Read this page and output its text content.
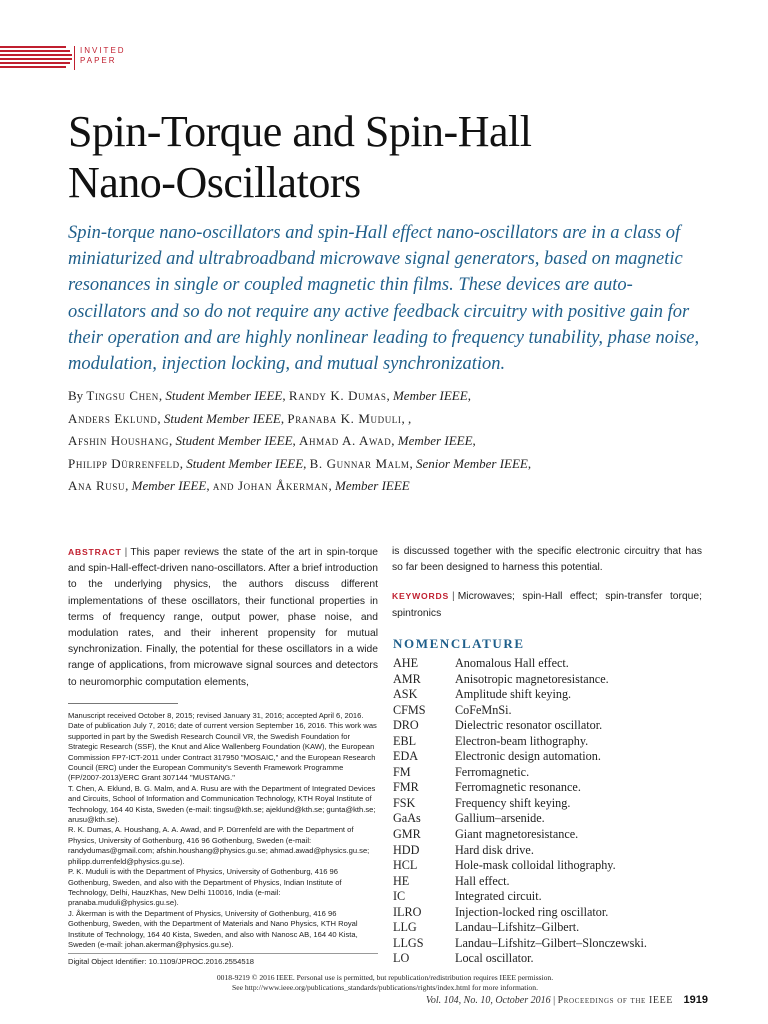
INVITED
PAPER
Spin-Torque and Spin-Hall
Nano-Oscillators

Spin-torque nano-oscillators and spin-Hall effect nano-oscillators are in a class of miniaturized and ultrabroadband microwave signal generators, based on magnetic resonances in single or coupled magnetic thin films. These devices are auto-oscillators and so do not require any active feedback circuitry with positive gain for their operation and are highly nonlinear leading to frequency tunability, phase noise, modulation, injection locking, and mutual synchronization.

By Tingsu Chen, Student Member IEEE, Randy K. Dumas, Member IEEE,
Anders Eklund, Student Member IEEE, Pranaba K. Muduli, ,
Afshin Houshang, Student Member IEEE, Ahmad A. Awad, Member IEEE,
Philipp Dürrenfeld, Student Member IEEE, B. Gunnar Malm, Senior Member IEEE,
Ana Rusu, Member IEEE, and Johan Åkerman, Member IEEE
ABSTRACT | This paper reviews the state of the art in spin-torque and spin-Hall-effect-driven nano-oscillators. After a brief introduction to the underlying physics, the authors discuss different implementations of these oscillators, their functional properties in terms of frequency range, output power, phase noise, and modulation rates, and their inherent propensity for mutual synchronization. Finally, the potential for these oscillators in a wide range of applications, from microwave signal sources and detectors to neuromorphic computation elements,
is discussed together with the specific electronic circuitry that has so far been designed to harness this potential.
KEYWORDS | Microwaves; spin-Hall effect; spin-transfer torque; spintronics
NOMENCLATURE
AHE	Anomalous Hall effect.
AMR	Anisotropic magnetoresistance.
ASK	Amplitude shift keying.
CFMS	CoFeMnSi.
DRO	Dielectric resonator oscillator.
EBL	Electron-beam lithography.
EDA	Electronic design automation.
FM	Ferromagnetic.
FMR	Ferromagnetic resonance.
FSK	Frequency shift keying.
GaAs	Gallium–arsenide.
GMR	Giant magnetoresistance.
HDD	Hard disk drive.
HCL	Hole-mask colloidal lithography.
HE	Hall effect.
IC	Integrated circuit.
ILRO	Injection-locked ring oscillator.
LLG	Landau–Lifshitz–Gilbert.
LLGS	Landau–Lifshitz–Gilbert–Slonczewski.
LO	Local oscillator.

Manuscript received October 8, 2015; revised January 31, 2016; accepted April 6, 2016. Date of publication July 7, 2016; date of current version September 16, 2016. This work was supported in part by the Swedish Research Council VR, the Swedish Foundation for Strategic Research (SSF), the Knut and Alice Wallenberg Foundation (KAW), the European Commission FP7-ICT-2011 under Contract 317950 "MOSAIC," and the European Research Council (ERC) under the European Community's Seventh Framework Programme (FP/2007-2013)/ERC Grant 307144 "MUSTANG."

T. Chen, A. Eklund, B. G. Malm, and A. Rusu are with the Department of Integrated Devices and Circuits, School of Information and Communication Technology, KTH Royal Institute of Technology, 164 40 Kista, Sweden (e-mail: tingsu@kth.se; ajeklund@kth.se; gunta@kth.se; arusu@kth.se).

R. K. Dumas, A. Houshang, A. A. Awad, and P. Dürrenfeld are with the Department of Physics, University of Gothenburg, 416 96 Gothenburg, Sweden (e-mail: randydumas@gmail.com; afshin.houshang@physics.gu.se; ahmad.awad@physics.gu.se; philipp.durrenfeld@physics.gu.se).

P. K. Muduli is with the Department of Physics, University of Gothenburg, 416 96 Gothenburg, Sweden, and also with the Department of Physics, Indian Institute of Technology, Delhi, HauzKhas, New Delhi 110016, India (e-mail: pranaba.muduli@physics.gu.se).

J. Åkerman is with the Department of Physics, University of Gothenburg, 416 96 Gothenburg, Sweden, with the Department of Materials and Nano Physics, KTH Royal Institute of Technology, 164 40 Kista, Sweden, and also with Nanosc AB, 164 40 Kista, Sweden (e-mail: johan.akerman@physics.gu.se).

Digital Object Identifier: 10.1109/JPROC.2016.2554518
0018-9219 © 2016 IEEE. Personal use is permitted, but republication/redistribution requires IEEE permission.
See http://www.ieee.org/publications_standards/publications/rights/index.html for more information.
Vol. 104, No. 10, October 2016 | Proceedings of the IEEE 1919
